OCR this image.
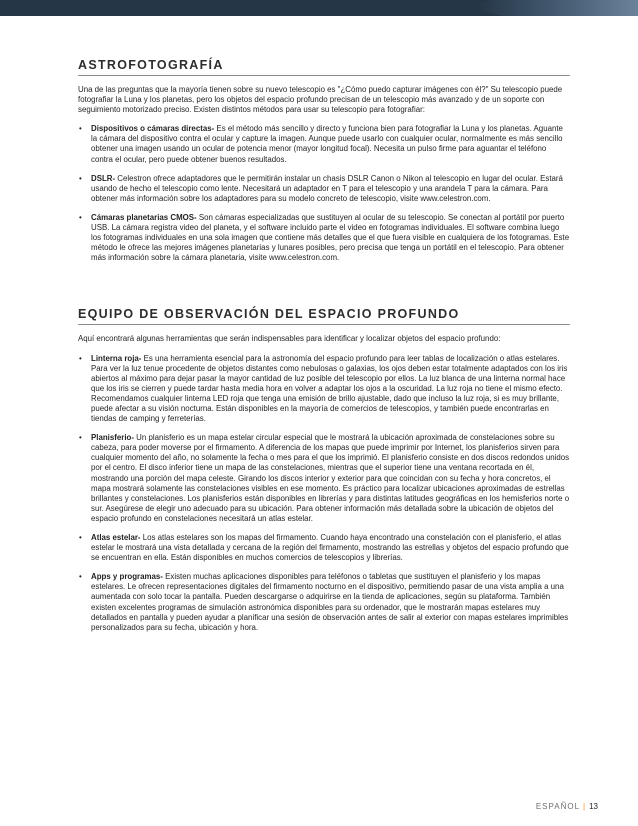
ASTROFOTOGRAFÍA

Una de las preguntas que la mayoría tienen sobre su nuevo telescopio es "¿Cómo puedo capturar imágenes con él?" Su telescopio puede fotografiar la Luna y los planetas, pero los objetos del espacio profundo precisan de un telescopio más avanzado y de un soporte con seguimiento motorizado preciso. Existen distintos métodos para usar su telescopio para fotografiar:

• Dispositivos o cámaras directas- Es el método más sencillo y directo y funciona bien para fotografiar la Luna y los planetas. Aguante la cámara del dispositivo contra el ocular y capture la imagen. Aunque puede usarlo con cualquier ocular, normalmente es más sencillo obtener una imagen usando un ocular de potencia menor (mayor longitud focal). Necesita un pulso firme para aguantar el teléfono contra el ocular, pero puede obtener buenos resultados.
• DSLR- Celestron ofrece adaptadores que le permitirán instalar un chasis DSLR Canon o Nikon al telescopio en lugar del ocular. Estará usando de hecho el telescopio como lente. Necesitará un adaptador en T para el telescopio y una arandela T para la cámara. Para obtener más información sobre los adaptadores para su modelo concreto de telescopio, visite www.celestron.com.
• Cámaras planetarias CMOS- Son cámaras especializadas que sustituyen al ocular de su telescopio. Se conectan al portátil por puerto USB. La cámara registra video del planeta, y el software incluido parte el video en fotogramas individuales. El software combina luego los fotogramas individuales en una sola imagen que contiene más detalles que el que fuera visible en cualquiera de los fotogramas. Este método le ofrece las mejores imágenes planetarias y lunares posibles, pero precisa que tenga un portátil en el telescopio. Para obtener más información sobre la cámara planetaria, visite www.celestron.com.
EQUIPO DE OBSERVACIÓN DEL ESPACIO PROFUNDO

Aquí encontrará algunas herramientas que serán indispensables para identificar y localizar objetos del espacio profundo:

• Linterna roja- Es una herramienta esencial para la astronomía del espacio profundo para leer tablas de localización o atlas estelares. Para ver la luz tenue procedente de objetos distantes como nebulosas o galaxias, los ojos deben estar totalmente adaptados con los iris abiertos al máximo para dejar pasar la mayor cantidad de luz posible del telescopio por ellos. La luz blanca de una linterna normal hace que los iris se cierren y puede tardar hasta media hora en volver a adaptar los ojos a la oscuridad. La luz roja no tiene el mismo efecto. Recomendamos cualquier linterna LED roja que tenga una emisión de brillo ajustable, dado que incluso la luz roja, si es muy brillante, puede afectar a su visión nocturna. Están disponibles en la mayoría de comercios de telescopios, y también puede encontrarlas en tiendas de camping y ferreterías.
• Planisferio- Un planisferio es un mapa estelar circular especial que le mostrará la ubicación aproximada de constelaciones sobre su cabeza, para poder moverse por el firmamento. A diferencia de los mapas que puede imprimir por Internet, los planisferios sirven para cualquier momento del año, no solamente la fecha o mes para el que los imprimió. El planisferio consiste en dos discos redondos unidos por el centro. El disco inferior tiene un mapa de las constelaciones, mientras que el superior tiene una ventana recortada en él, mostrando una porción del mapa celeste. Girando los discos interior y exterior para que coincidan con su fecha y hora concretos, el mapa mostrará solamente las constelaciones visibles en ese momento. Es práctico para localizar ubicaciones aproximadas de estrellas brillantes y constelaciones. Los planisferios están disponibles en librerías y para distintas latitudes geográficas en los hemisferios norte o sur. Asegúrese de elegir uno adecuado para su ubicación. Para obtener información más detallada sobre la ubicación de objetos del espacio profundo en constelaciones necesitará un atlas estelar.
• Atlas estelar- Los atlas estelares son los mapas del firmamento. Cuando haya encontrado una constelación con el planisferio, el atlas estelar le mostrará una vista detallada y cercana de la región del firmamento, mostrando las estrellas y objetos del espacio profundo que se encuentran en ella. Están disponibles en muchos comercios de telescopios y librerías.
• Apps y programas- Existen muchas aplicaciones disponibles para teléfonos o tabletas que sustituyen el planisferio y los mapas estelares. Le ofrecen representaciones digitales del firmamento nocturno en el dispositivo, permitiendo pasar de una vista amplia a una aumentada con solo tocar la pantalla. Pueden descargarse o adquirirse en la tienda de aplicaciones, según su plataforma. También existen excelentes programas de simulación astronómica disponibles para su ordenador, que le mostrarán mapas estelares muy detallados en pantalla y pueden ayudar a planificar una sesión de observación antes de salir al exterior con mapas estelares imprimibles personalizados para su fecha, ubicación y hora.
ESPAÑOL | 13
